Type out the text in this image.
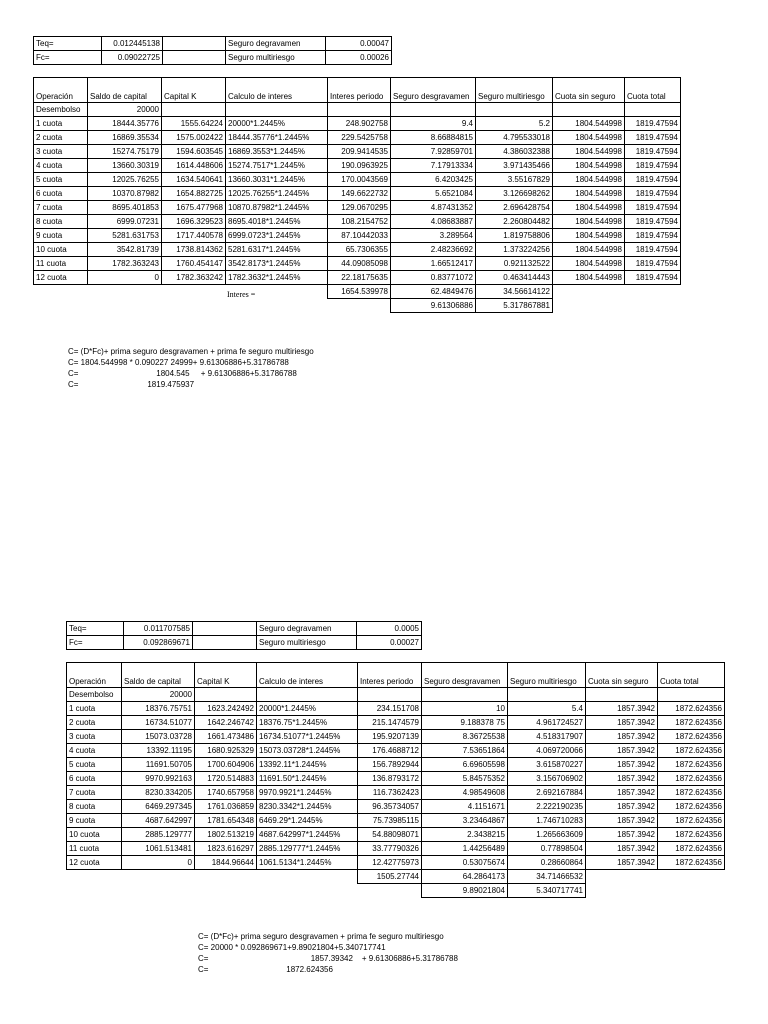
Teq=	0.012445138		Seguro degravamen	0.00047
Fc=	0.09022725		Seguro multiriesgo	0.00026
Operación	Saldo de capital	Capital K	Calculo de interes	Interes periodo	Seguro desgravamen	Seguro multiriesgo	Cuota sin seguro	Cuota total
Desembolso	20000							
1 cuota	18444.35776	1555.64224	20000*1.2445%	248.902758	9.4	5.2	1804.544998	1819.47594
2 cuota	16869.35534	1575.002422	18444.35776*1.2445%	229.5425758	8.66884815	4.795533018	1804.544998	1819.47594
3 cuota	15274.75179	1594.603545	16869.3553*1.2445%	209.9414535	7.92859701	4.386032388	1804.544998	1819.47594
4 cuota	13660.30319	1614.448606	15274.7517*1.2445%	190.0963925	7.17913334	3.971435466	1804.544998	1819.47594
5 cuota	12025.76255	1634.540641	13660.3031*1.2445%	170.0043569	6.4203425	3.55167829	1804.544998	1819.47594
6 cuota	10370.87982	1654.882725	12025.76255*1.2445%	149.6622732	5.6521084	3.126698262	1804.544998	1819.47594
7 cuota	8695.401853	1675.477968	10870.87982*1.2445%	129.0670295	4.87431352	2.696428754	1804.544998	1819.47594
8 cuota	6999.07231	1696.329523	8695.4018*1.2445%	108.2154752	4.08683887	2.260804482	1804.544998	1819.47594
9 cuota	5281.631753	1717.440578	6999.0723*1.2445%	87.10442033	3.289564	1.819758806	1804.544998	1819.47594
10 cuota	3542.81739	1738.814362	5281.6317*1.2445%	65.7306355	2.48236692	1.373224256	1804.544998	1819.47594
11 cuota	1782.363243	1760.454147	3542.8173*1.2445%	44.09085098	1.66512417	0.921132522	1804.544998	1819.47594
12 cuota	0	1782.363242	1782.3632*1.2445%	22.18175635	0.83771072	0.463414443	1804.544998	1819.47594
				1654.539978	62.4849476	34.56614122		
					9.61306886	5.317867881		
C= (D*Fc)+ prima seguro desgravamen + prima fe seguro multiriesgo
C= 1804.544998 * 0.090227 24999+ 9.61306886+5.31786788
C=                                   1804.545     + 9.61306886+5.31786788
C=                               1819.475937
Teq=	0.011707585		Seguro degravamen	0.0005
Fc=	0.092869671		Seguro multiriesgo	0.00027
Operación	Saldo de capital	Capital K	Calculo de interes	Interes periodo	Seguro desgravamen	Seguro multiriesgo	Cuota sin seguro	Cuota total
Desembolso	20000							
1 cuota	18376.75751	1623.242492	20000*1.2445%	234.151708	10	5.4	1857.3942	1872.624356
2 cuota	16734.51077	1642.246742	18376.75*1.2445%	215.1474579	9.188378 75	4.961724527	1857.3942	1872.624356
3 cuota	15073.03728	1661.473486	16734.51077*1.2445%	195.9207139	8.36725538	4.518317907	1857.3942	1872.624356
4 cuota	13392.11195	1680.925329	15073.03728*1.2445%	176.4688712	7.53651864	4.069720066	1857.3942	1872.624356
5 cuota	11691.50705	1700.604906	13392.11*1.2445%	156.7892944	6.69605598	3.615870227	1857.3942	1872.624356
6 cuota	9970.992163	1720.514883	11691.50*1.2445%	136.8793172	5.84575352	3.156706902	1857.3942	1872.624356
7 cuota	8230.334205	1740.657958	9970.9921*1.2445%	116.7362423	4.98549608	2.692167884	1857.3942	1872.624356
8 cuota	6469.297345	1761.036859	8230.3342*1.2445%	96.35734057	4.1151671	2.222190235	1857.3942	1872.624356
9 cuota	4687.642997	1781.654348	6469.29*1.2445%	75.73985115	3.23464867	1.746710283	1857.3942	1872.624356
10 cuota	2885.129777	1802.513219	4687.642997*1.2445%	54.88098071	2.3438215	1.265663609	1857.3942	1872.624356
11 cuota	1061.513481	1823.616297	2885.129777*1.2445%	33.77790326	1.44256489	0.77898504	1857.3942	1872.624356
12 cuota	0	1844.96644	1061.5134*1.2445%	12.42775973	0.53075674	0.28660864	1857.3942	1872.624356
				1505.27744	64.2864173	34.71466532		
					9.89021804	5.340717741		
C= (D*Fc)+ prima seguro desgravamen + prima fe seguro multiriesgo
C= 20000 * 0.092869671+9.89021804+5.340717741
C=                                              1857.39342    + 9.61306886+5.31786788
C=                                   1872.624356
Interes =
